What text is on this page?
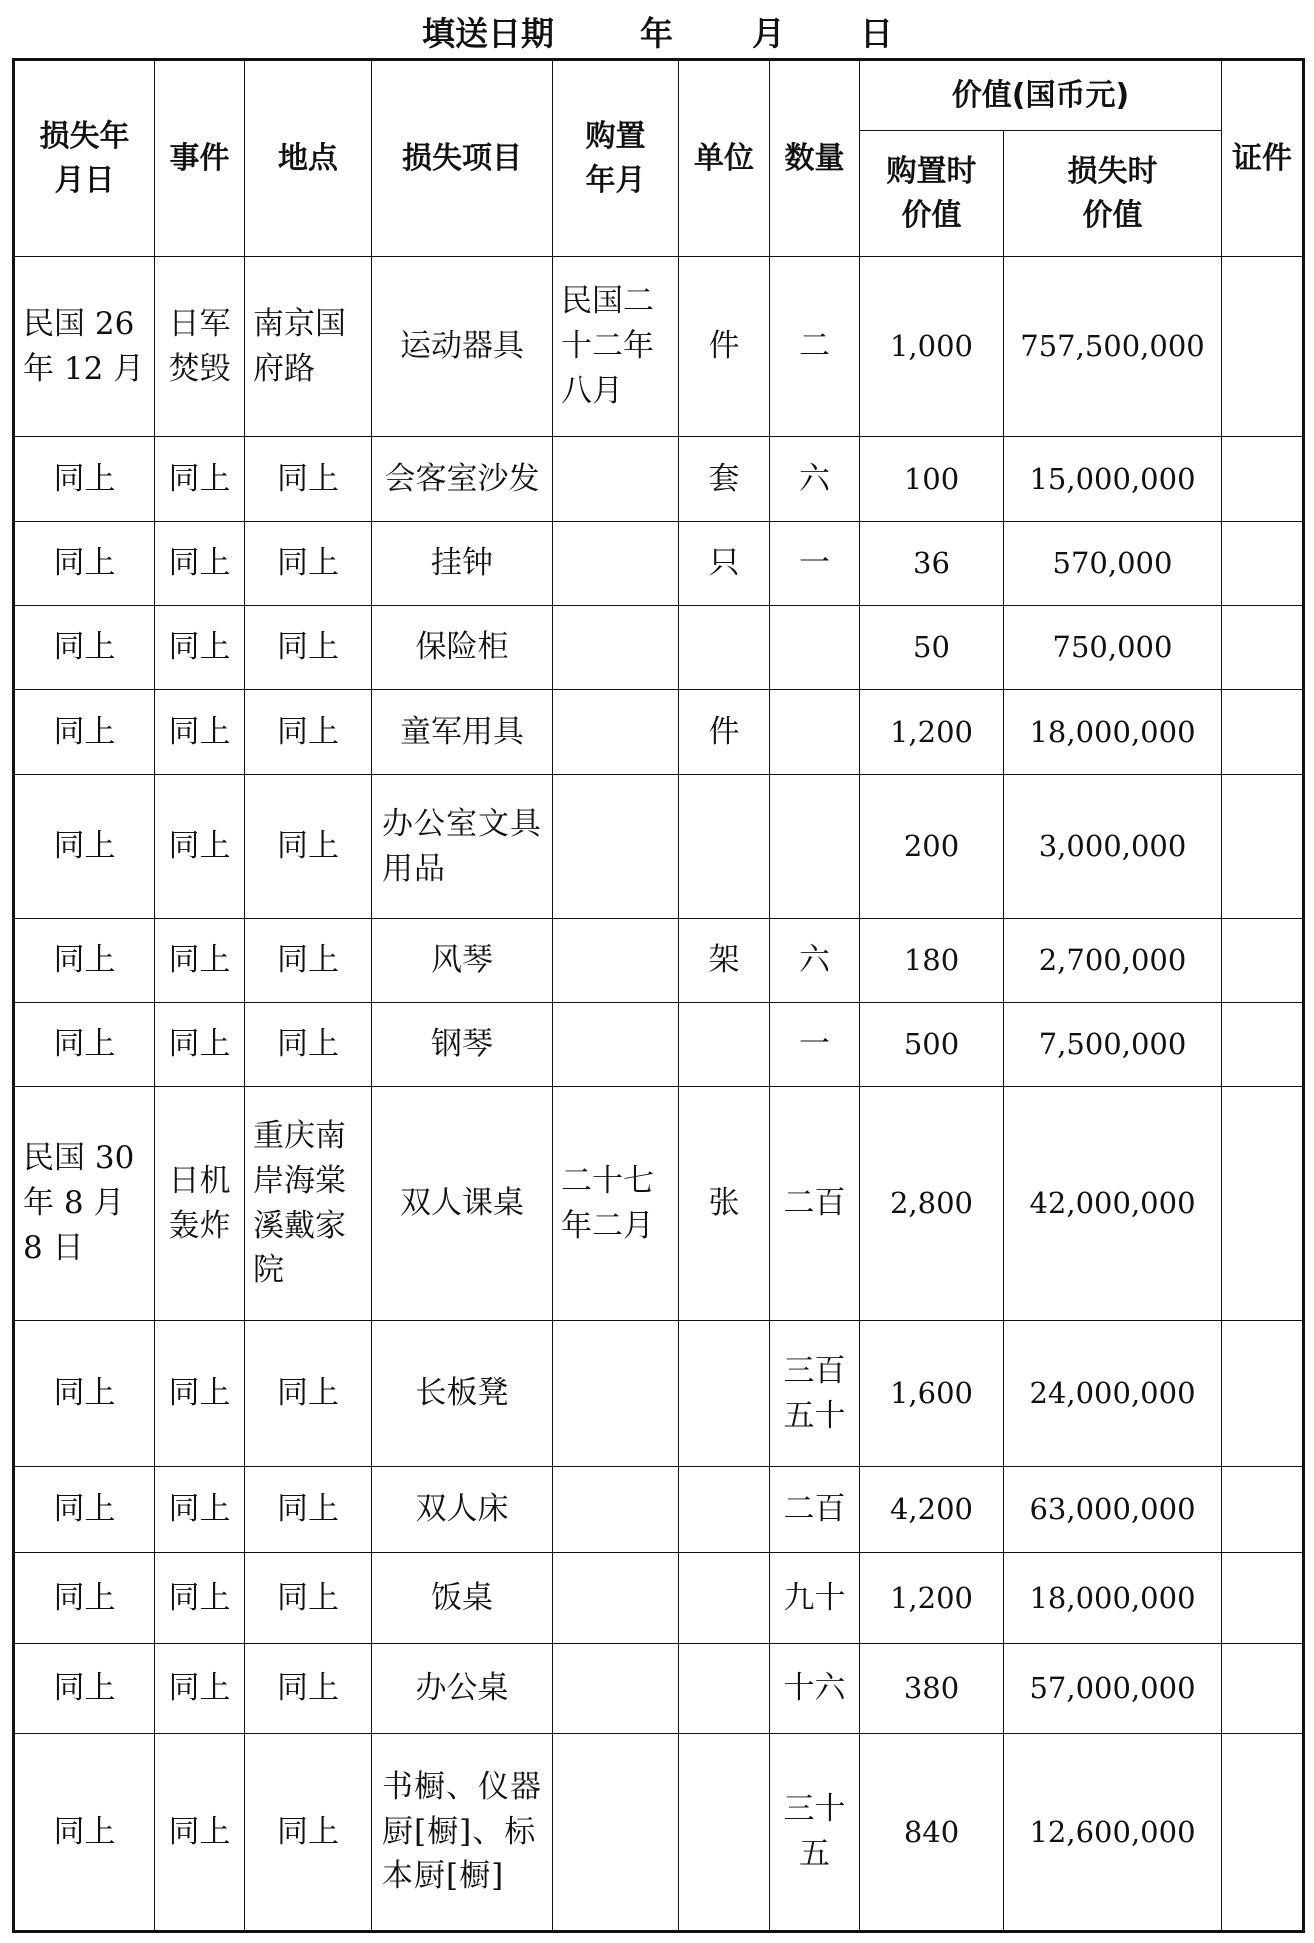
填送日期	年 月 日
损失年月日	事件	地点	损失项目	购置年月	单位	数量	价值(国币元)		证件
							购置时价值	损失时价值	
民国 26 年 12 月	日军焚毁	南京国府路	运动器具	民国二十二年八月	件	二	1,000	757,500,000	
同上	同上	同上	会客室沙发		套	六	100	15,000,000	
同上	同上	同上	挂钟		只	一	36	570,000	
同上	同上	同上	保险柜				50	750,000	
同上	同上	同上	童军用具		件		1,200	18,000,000	
同上	同上	同上	办公室文具用品				200	3,000,000	
同上	同上	同上	风琴		架	六	180	2,700,000	
同上	同上	同上	钢琴			一	500	7,500,000	
民国 30 年 8 月 8 日	日机轰炸	重庆南岸海棠溪戴家院	双人课桌	二十七年二月	张	二百	2,800	42,000,000	
同上	同上	同上	长板凳			三百五十	1,600	24,000,000	
同上	同上	同上	双人床			二百	4,200	63,000,000	
同上	同上	同上	饭桌			九十	1,200	18,000,000	
同上	同上	同上	办公桌			十六	380	57,000,000	
同上	同上	同上	书橱、仪器厨[橱]、标本厨[橱]			三十五	840	12,600,000	
